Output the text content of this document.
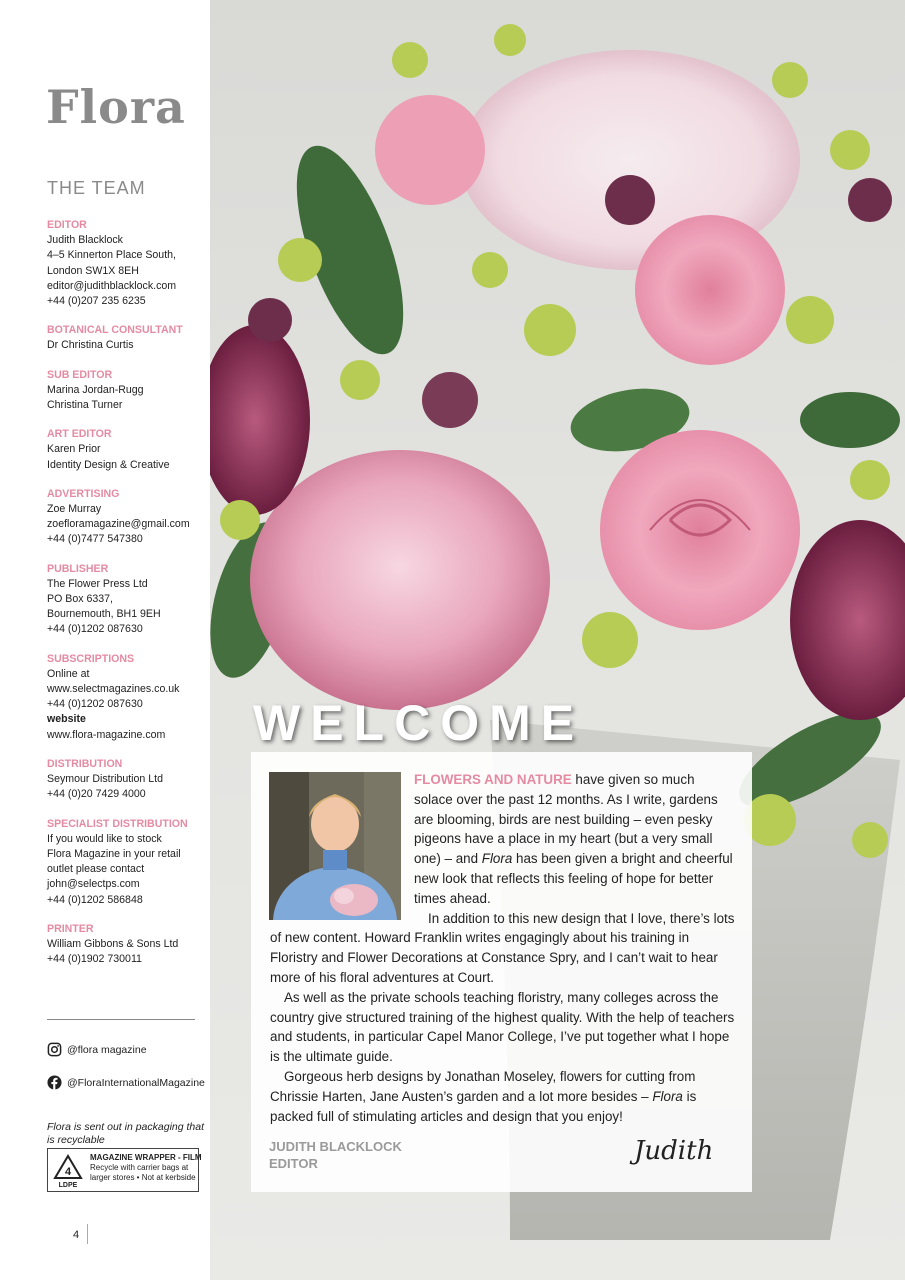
Flora
THE TEAM
EDITOR
Judith Blacklock
4–5 Kinnerton Place South,
London SW1X 8EH
editor@judithblacklock.com
+44 (0)207 235 6235
BOTANICAL CONSULTANT
Dr Christina Curtis
SUB EDITOR
Marina Jordan-Rugg
Christina Turner
ART EDITOR
Karen Prior
Identity Design & Creative
ADVERTISING
Zoe Murray
zoefloramagazine@gmail.com
+44 (0)7477 547380
PUBLISHER
The Flower Press Ltd
PO Box 6337,
Bournemouth, BH1 9EH
+44 (0)1202 087630
SUBSCRIPTIONS
Online at
www.selectmagazines.co.uk
+44 (0)1202 087630
website
www.flora-magazine.com
DISTRIBUTION
Seymour Distribution Ltd
+44 (0)20 7429 4000
SPECIALIST DISTRIBUTION
If you would like to stock
Flora Magazine in your retail
outlet please contact
john@selectps.com
+44 (0)1202 586848
PRINTER
William Gibbons & Sons Ltd
+44 (0)1902 730011
@flora magazine
@FloraInternationalMagazine
Flora is sent out in packaging that is recyclable
4
LDPE
MAGAZINE WRAPPER - FILM
Recycle with carrier bags at
larger stores • Not at kerbside
4
WELCOME

FLOWERS AND NATURE have given so much solace over the past 12 months. As I write, gardens are blooming, birds are nest building – even pesky pigeons have a place in my heart (but a very small one) – and Flora has been given a bright and cheerful new look that reflects this feeling of hope for better times ahead.

In addition to this new design that I love, there’s lots of new content. Howard Franklin writes engagingly about his training in Floristry and Flower Decorations at Constance Spry, and I can’t wait to hear more of his floral adventures at Court.

As well as the private schools teaching floristry, many colleges across the country give structured training of the highest quality. With the help of teachers and students, in particular Capel Manor College, I’ve put together what I hope is the ultimate guide.

Gorgeous herb designs by Jonathan Moseley, flowers for cutting from Chrissie Harten, Jane Austen’s garden and a lot more besides – Flora is packed full of stimulating articles and design that you enjoy!

JUDITH BLACKLOCK
EDITOR	Judith
